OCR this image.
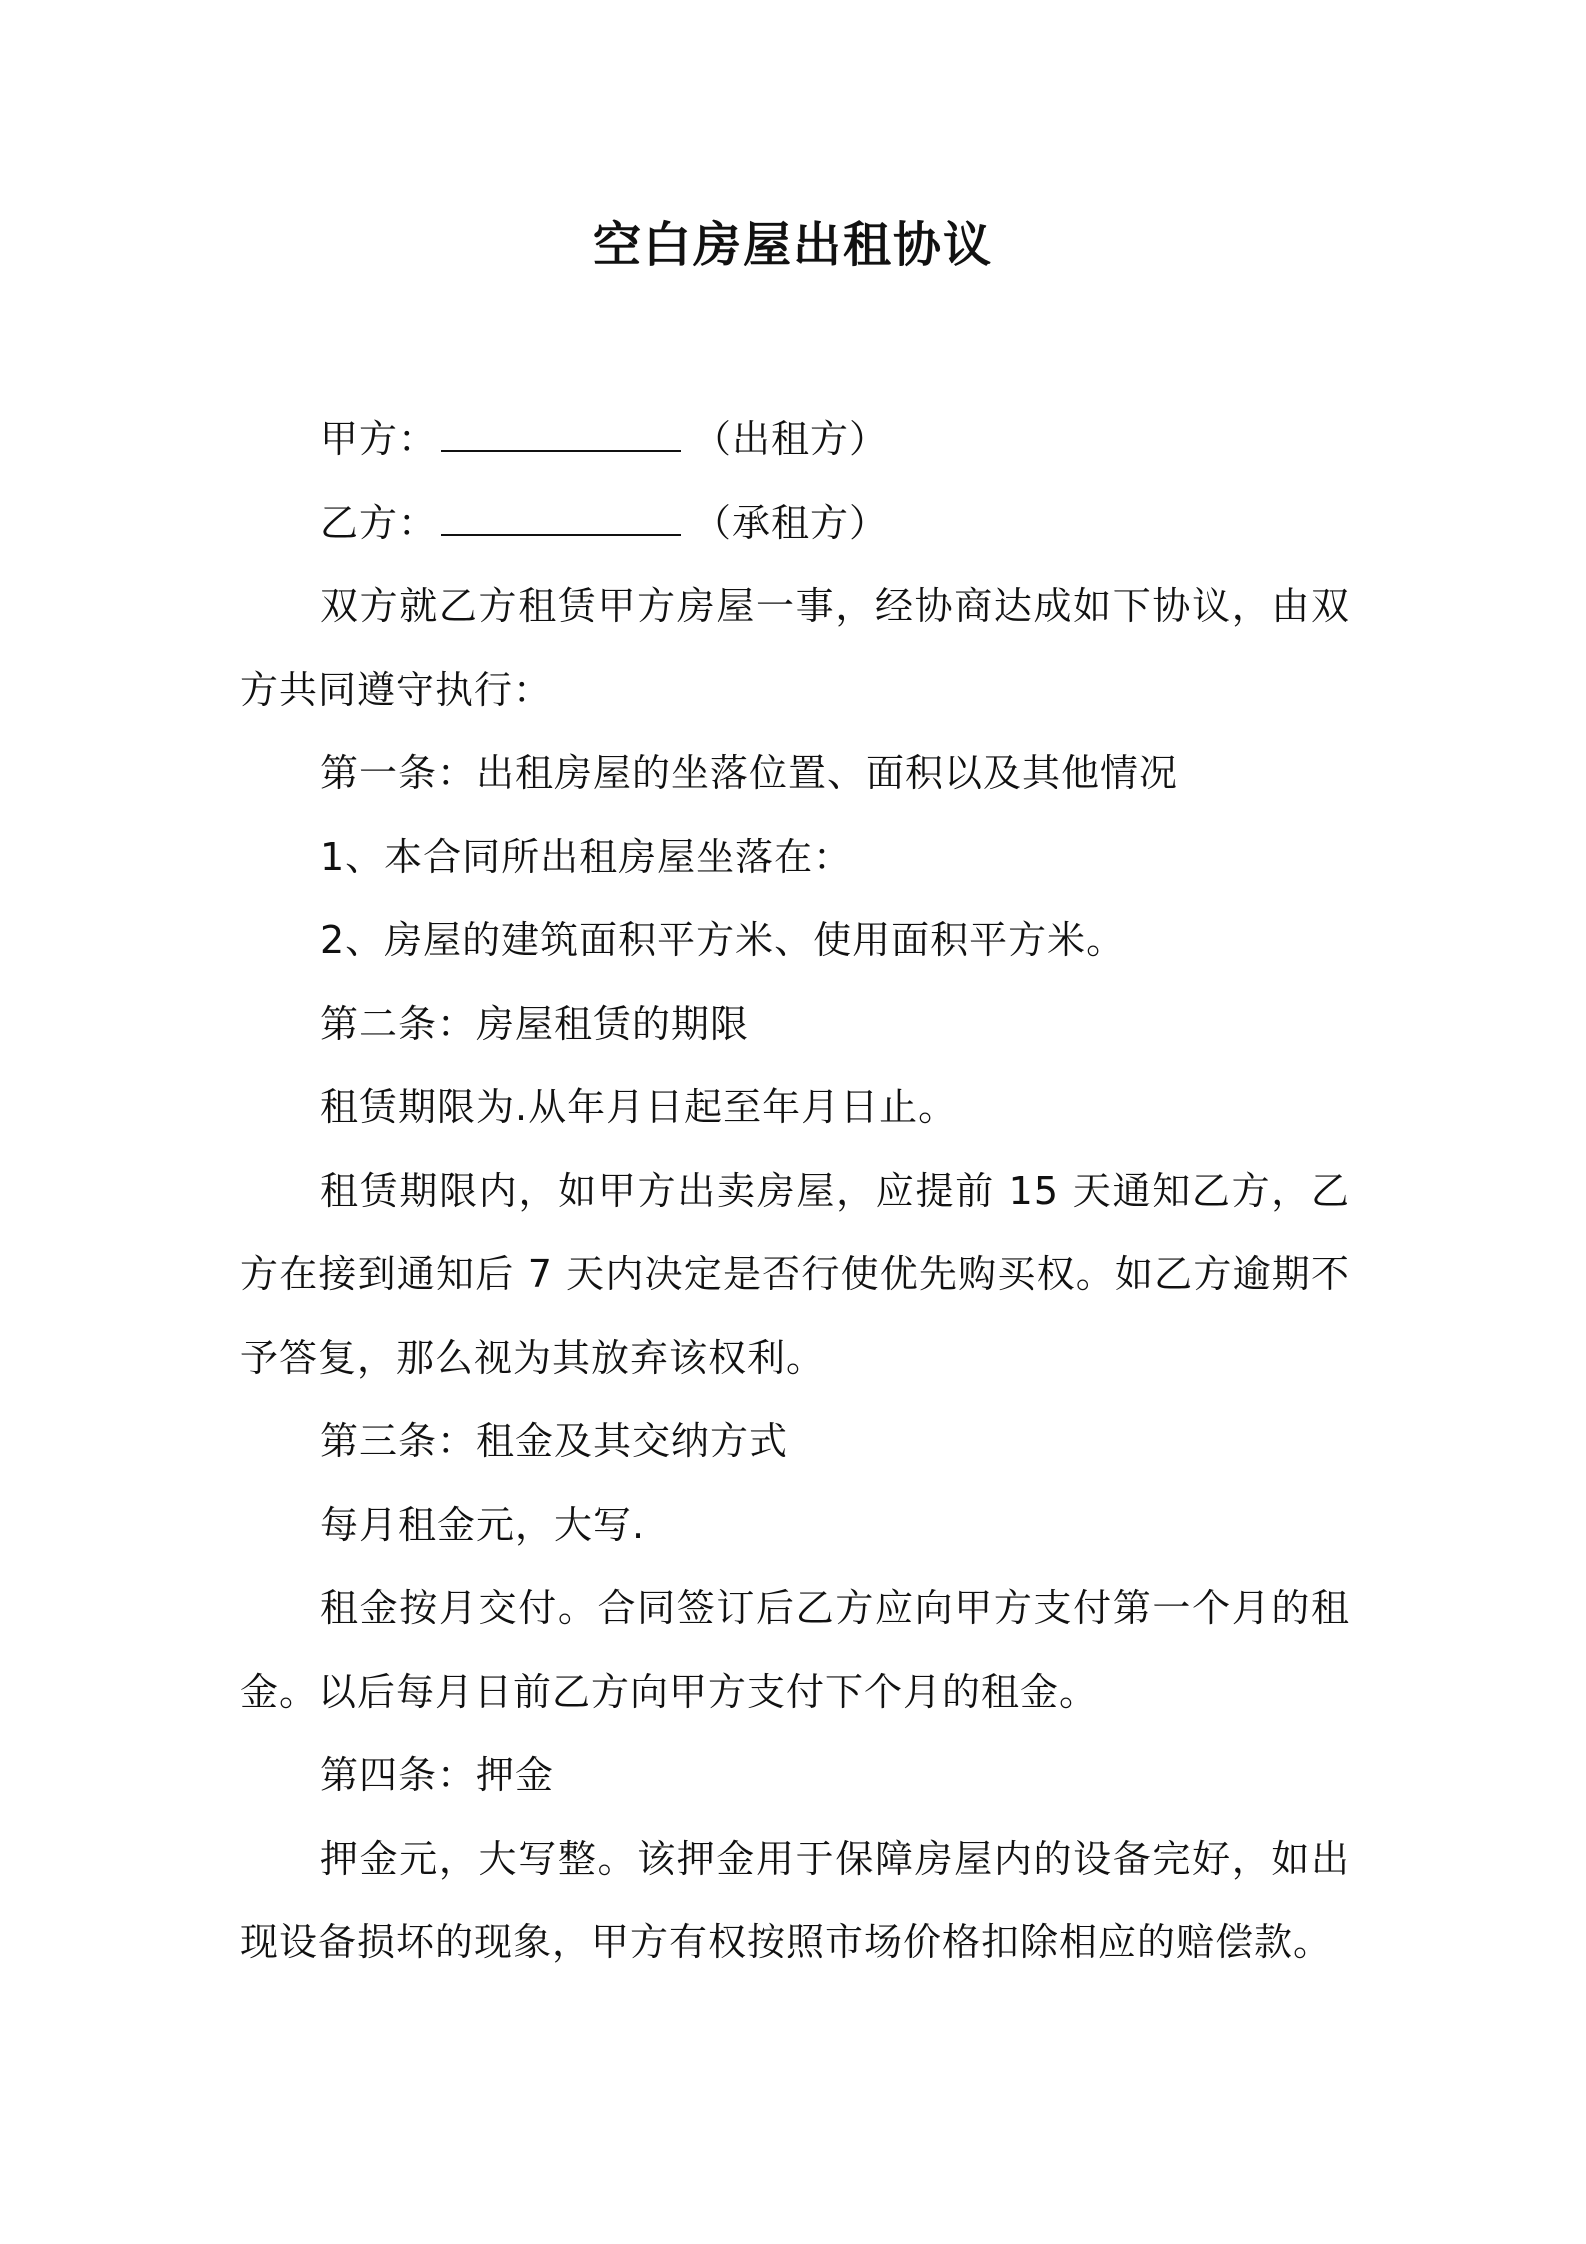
空白房屋出租协议
甲方：	（出租方）
乙方：	（承租方）
双方就乙方租赁甲方房屋一事，经协商达成如下协议，由双方共同遵守执行：
第一条：出租房屋的坐落位置、面积以及其他情况
1、本合同所出租房屋坐落在：
2、房屋的建筑面积平方米、使用面积平方米。
第二条：房屋租赁的期限
租赁期限为.从年月日起至年月日止。
租赁期限内，如甲方出卖房屋，应提前 15 天通知乙方，乙方在接到通知后 7 天内决定是否行使优先购买权。如乙方逾期不予答复，那么视为其放弃该权利。
第三条：租金及其交纳方式
每月租金元，大写.
租金按月交付。合同签订后乙方应向甲方支付第一个月的租金。以后每月日前乙方向甲方支付下个月的租金。
第四条：押金
押金元，大写整。该押金用于保障房屋内的设备完好，如出现设备损坏的现象，甲方有权按照市场价格扣除相应的赔偿款。
